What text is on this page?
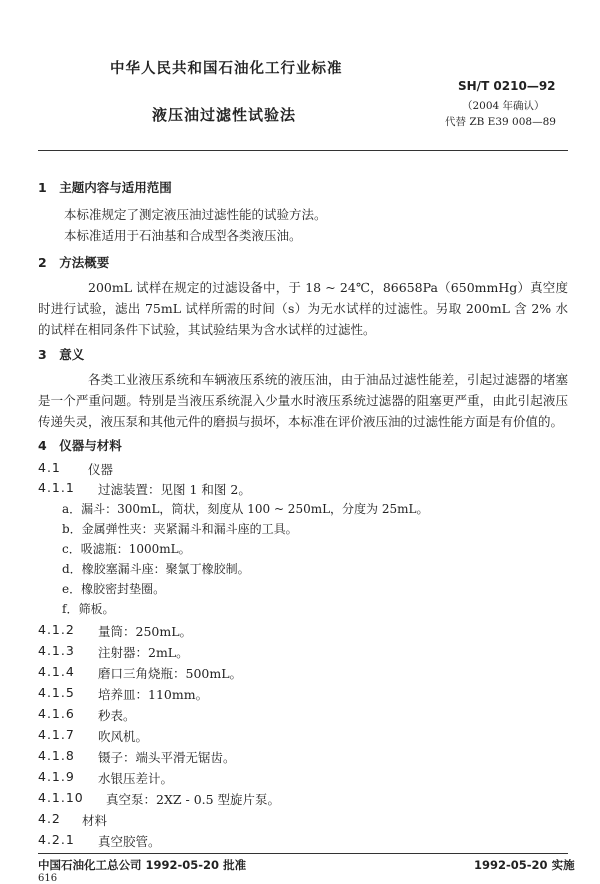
中华人民共和国石油化工行业标准
SH/T 0210—92
液压油过滤性试验法	（2004 年确认）
代替 ZB E39 008—89
1　主题内容与适用范围
本标准规定了测定液压油过滤性能的试验方法。
本标准适用于石油基和合成型各类液压油。
2　方法概要
200mL 试样在规定的过滤设备中，于 18 ~ 24℃，86658Pa（650mmHg）真空度时进行试验，滤出 75mL 试样所需的时间（s）为无水试样的过滤性。另取 200mL 含 2% 水的试样在相同条件下试验，其试验结果为含水试样的过滤性。
3　意义
各类工业液压系统和车辆液压系统的液压油，由于油品过滤性能差，引起过滤器的堵塞是一个严重问题。特别是当液压系统混入少量水时液压系统过滤器的阻塞更严重，由此引起液压传递失灵，液压泵和其他元件的磨损与损坏，本标准在评价液压油的过滤性能方面是有价值的。
4　仪器与材料
4.1 仪器
4.1.1 过滤装置：见图 1 和图 2。
a．漏斗：300mL，筒状，刻度从 100 ~ 250mL，分度为 25mL。
b．金属弹性夹：夹紧漏斗和漏斗座的工具。
c．吸滤瓶：1000mL。
d．橡胶塞漏斗座：聚氯丁橡胶制。
e．橡胶密封垫圈。
f．筛板。
4.1.2 量筒：250mL。
4.1.3 注射器：2mL。
4.1.4 磨口三角烧瓶：500mL。
4.1.5 培养皿：110mm。
4.1.6 秒表。
4.1.7 吹风机。
4.1.8 镊子：端头平滑无锯齿。
4.1.9 水银压差计。
4.1.10 真空泵：2XZ - 0.5 型旋片泵。
4.2 材料
4.2.1 真空胶管。
中国石油化工总公司 1992-05-20 批准	1992-05-20 实施
616
